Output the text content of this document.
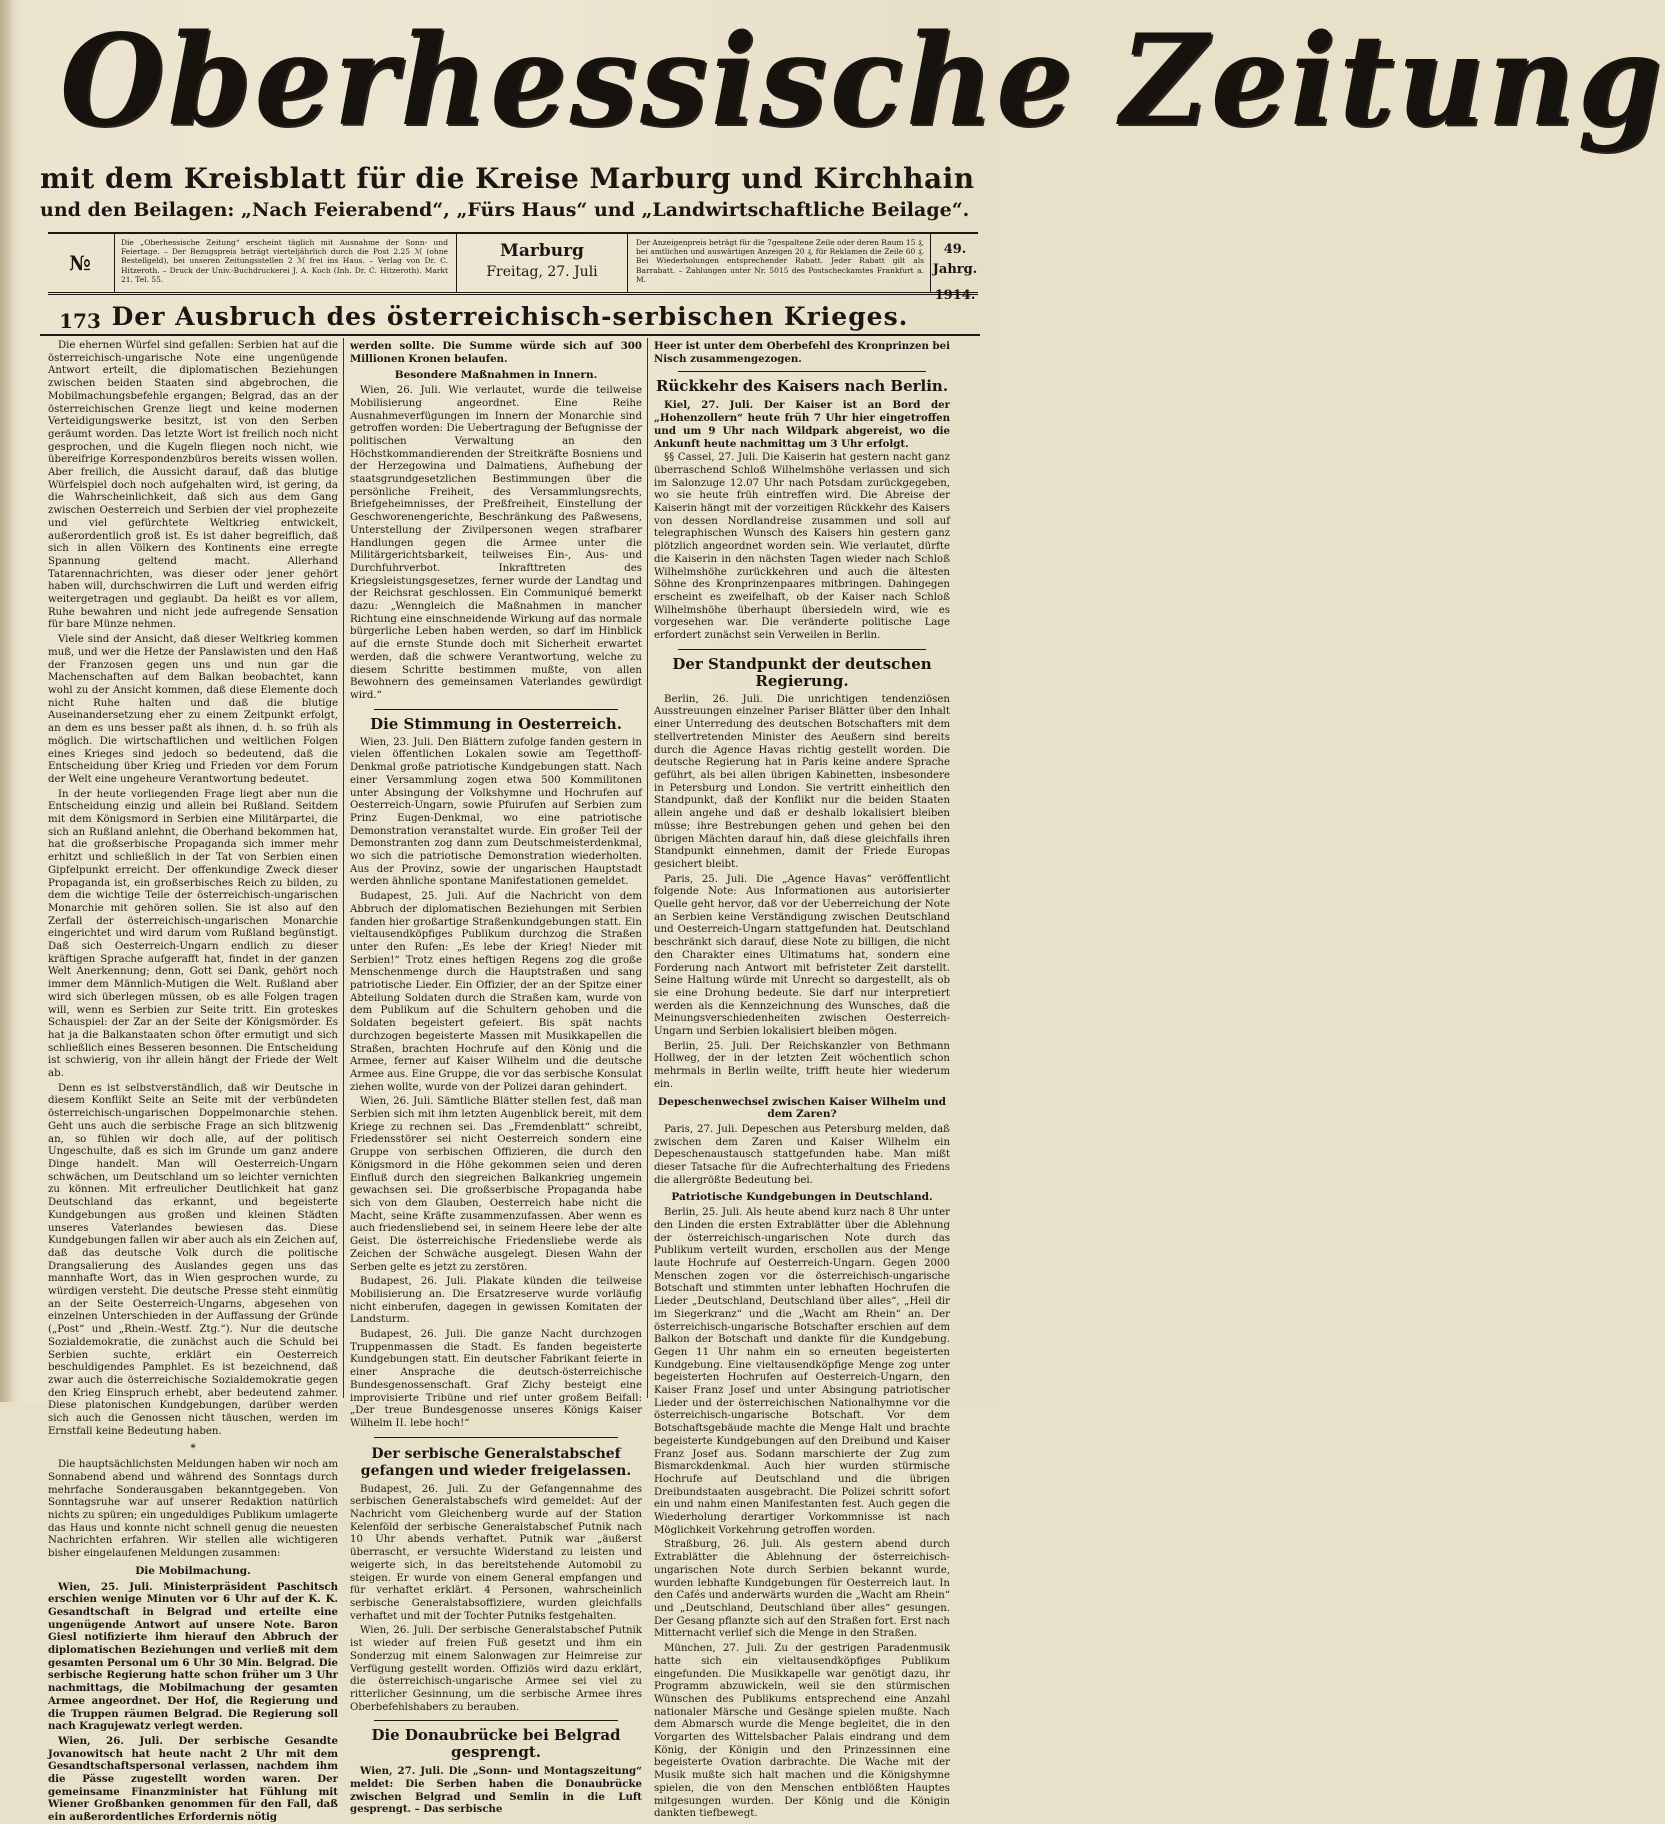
Oberhessische Zeitung
mit dem Kreisblatt für die Kreise Marburg und Kirchhain
und den Beilagen: „Nach Feierabend“, „Fürs Haus“ und „Landwirtschaftliche Beilage“.
№ 173
Die „Oberhessische Zeitung“ erscheint täglich mit Ausnahme der Sonn- und Feiertage. – Der Bezugspreis beträgt vierteljährlich durch die Post 2.25 ℳ (ohne Bestellgeld), bei unseren Zeitungsstellen 2 ℳ frei ins Haus. – Verlag von Dr. C. Hitzeroth. – Druck der Univ.-Buchdruckerei J. A. Koch (Inh. Dr. C. Hitzeroth). Markt 21. Tel. 55.
Marburg
Freitag, 27. Juli
Der Anzeigenpreis beträgt für die 7gespaltene Zeile oder deren Raum 15 ₰, bei amtlichen und auswärtigen Anzeigen 20 ₰, für Reklamen die Zeile 60 ₰. Bei Wiederholungen entsprechender Rabatt. Jeder Rabatt gilt als Barrabatt. – Zahlungen unter Nr. 5015 des Postscheckamtes Frankfurt a. M.
49. Jahrg.
1914.
Der Ausbruch des österreichisch-serbischen Krieges.

Die ehernen Würfel sind gefallen: Serbien hat auf die österreichisch-ungarische Note eine ungenügende Antwort erteilt, die diplomatischen Beziehungen zwischen beiden Staaten sind abgebrochen, die Mobilmachungsbefehle ergangen; Belgrad, das an der österreichischen Grenze liegt und keine modernen Verteidigungswerke besitzt, ist von den Serben geräumt worden. Das letzte Wort ist freilich noch nicht gesprochen, und die Kugeln fliegen noch nicht, wie übereifrige Korrespondenzbüros bereits wissen wollen. Aber freilich, die Aussicht darauf, daß das blutige Würfelspiel doch noch aufgehalten wird, ist gering, da die Wahrscheinlichkeit, daß sich aus dem Gang zwischen Oesterreich und Serbien der viel prophezeite und viel gefürchtete Weltkrieg entwickelt, außerordentlich groß ist. Es ist daher begreiflich, daß sich in allen Völkern des Kontinents eine erregte Spannung geltend macht. Allerhand Tatarennachrichten, was dieser oder jener gehört haben will, durchschwirren die Luft und werden eifrig weitergetragen und geglaubt. Da heißt es vor allem, Ruhe bewahren und nicht jede aufregende Sensation für bare Münze nehmen.

Viele sind der Ansicht, daß dieser Weltkrieg kommen muß, und wer die Hetze der Panslawisten und den Haß der Franzosen gegen uns und nun gar die Machenschaften auf dem Balkan beobachtet, kann wohl zu der Ansicht kommen, daß diese Elemente doch nicht Ruhe halten und daß die blutige Auseinandersetzung eher zu einem Zeitpunkt erfolgt, an dem es uns besser paßt als ihnen, d. h. so früh als möglich. Die wirtschaftlichen und weltlichen Folgen eines Krieges sind jedoch so bedeutend, daß die Entscheidung über Krieg und Frieden vor dem Forum der Welt eine ungeheure Verantwortung bedeutet.

In der heute vorliegenden Frage liegt aber nun die Entscheidung einzig und allein bei Rußland. Seitdem mit dem Königsmord in Serbien eine Militärpartei, die sich an Rußland anlehnt, die Oberhand bekommen hat, hat die großserbische Propaganda sich immer mehr erhitzt und schließlich in der Tat von Serbien einen Gipfelpunkt erreicht. Der offenkundige Zweck dieser Propaganda ist, ein großserbisches Reich zu bilden, zu dem die wichtige Teile der österreichisch-ungarischen Monarchie mit gehören sollen. Sie ist also auf den Zerfall der österreichisch-ungarischen Monarchie eingerichtet und wird darum vom Rußland begünstigt. Daß sich Oesterreich-Ungarn endlich zu dieser kräftigen Sprache aufgerafft hat, findet in der ganzen Welt Anerkennung; denn, Gott sei Dank, gehört noch immer dem Männlich-Mutigen die Welt. Rußland aber wird sich überlegen müssen, ob es alle Folgen tragen will, wenn es Serbien zur Seite tritt. Ein groteskes Schauspiel: der Zar an der Seite der Königsmörder. Es hat ja die Balkanstaaten schon öfter ermutigt und sich schließlich eines Besseren besonnen. Die Entscheidung ist schwierig, von ihr allein hängt der Friede der Welt ab.

Denn es ist selbstverständlich, daß wir Deutsche in diesem Konflikt Seite an Seite mit der verbündeten österreichisch-ungarischen Doppelmonarchie stehen. Geht uns auch die serbische Frage an sich blitzwenig an, so fühlen wir doch alle, auf der politisch Ungeschulte, daß es sich im Grunde um ganz andere Dinge handelt. Man will Oesterreich-Ungarn schwächen, um Deutschland um so leichter vernichten zu können. Mit erfreulicher Deutlichkeit hat ganz Deutschland das erkannt, und begeisterte Kundgebungen aus großen und kleinen Städten unseres Vaterlandes bewiesen das. Diese Kundgebungen fallen wir aber auch als ein Zeichen auf, daß das deutsche Volk durch die politische Drangsalierung des Auslandes gegen uns das mannhafte Wort, das in Wien gesprochen wurde, zu würdigen versteht. Die deutsche Presse steht einmütig an der Seite Oesterreich-Ungarns, abgesehen von einzelnen Unterschieden in der Auffassung der Gründe („Post“ und „Rhein.-Westf. Ztg.“). Nur die deutsche Sozialdemokratie, die zunächst auch die Schuld bei Serbien suchte, erklärt ein Oesterreich beschuldigendes Pamphlet. Es ist bezeichnend, daß zwar auch die österreichische Sozialdemokratie gegen den Krieg Einspruch erhebt, aber bedeutend zahmer. Diese platonischen Kundgebungen, darüber werden sich auch die Genossen nicht täuschen, werden im Ernstfall keine Bedeutung haben.

*

Die hauptsächlichsten Meldungen haben wir noch am Sonnabend abend und während des Sonntags durch mehrfache Sonderausgaben bekanntgegeben. Von Sonntagsruhe war auf unserer Redaktion natürlich nichts zu spüren; ein ungeduldiges Publikum umlagerte das Haus und konnte nicht schnell genug die neuesten Nachrichten erfahren. Wir stellen alle wichtigeren bisher eingelaufenen Meldungen zusammen:

Die Mobilmachung.

Wien, 25. Juli. Ministerpräsident Paschitsch erschien wenige Minuten vor 6 Uhr auf der K. K. Gesandtschaft in Belgrad und erteilte eine ungenügende Antwort auf unsere Note. Baron Giesl notifizierte ihm hierauf den Abbruch der diplomatischen Beziehungen und verließ mit dem gesamten Personal um 6 Uhr 30 Min. Belgrad. Die serbische Regierung hatte schon früher um 3 Uhr nachmittags, die Mobilmachung der gesamten Armee angeordnet. Der Hof, die Regierung und die Truppen räumen Belgrad. Die Regierung soll nach Kragujewatz verlegt werden.

Wien, 26. Juli. Der serbische Gesandte Jovanowitsch hat heute nacht 2 Uhr mit dem Gesandtschaftspersonal verlassen, nachdem ihm die Pässe zugestellt worden waren. Der gemeinsame Finanzminister hat Fühlung mit Wiener Großbanken genommen für den Fall, daß ein außerordentliches Erfordernis nötig

werden sollte. Die Summe würde sich auf 300 Millionen Kronen belaufen.

Besondere Maßnahmen in Innern.

Wien, 26. Juli. Wie verlautet, wurde die teilweise Mobilisierung angeordnet. Eine Reihe Ausnahmeverfügungen im Innern der Monarchie sind getroffen worden: Die Uebertragung der Befugnisse der politischen Verwaltung an den Höchstkommandierenden der Streitkräfte Bosniens und der Herzegowina und Dalmatiens, Aufhebung der staatsgrundgesetzlichen Bestimmungen über die persönliche Freiheit, des Versammlungsrechts, Briefgeheimnisses, der Preßfreiheit, Einstellung der Geschworenengerichte, Beschränkung des Paßwesens, Unterstellung der Zivilpersonen wegen strafbarer Handlungen gegen die Armee unter die Militärgerichtsbarkeit, teilweises Ein-, Aus- und Durchfuhrverbot. Inkrafttreten des Kriegsleistungsgesetzes, ferner wurde der Landtag und der Reichsrat geschlossen. Ein Communiqué bemerkt dazu: „Wenngleich die Maßnahmen in mancher Richtung eine einschneidende Wirkung auf das normale bürgerliche Leben haben werden, so darf im Hinblick auf die ernste Stunde doch mit Sicherheit erwartet werden, daß die schwere Verantwortung, welche zu diesem Schritte bestimmen mußte, von allen Bewohnern des gemeinsamen Vaterlandes gewürdigt wird.“

Die Stimmung in Oesterreich.

Wien, 23. Juli. Den Blättern zufolge fanden gestern in vielen öffentlichen Lokalen sowie am Tegetthoff-Denkmal große patriotische Kundgebungen statt. Nach einer Versammlung zogen etwa 500 Kommilitonen unter Absingung der Volkshymne und Hochrufen auf Oesterreich-Ungarn, sowie Pfuirufen auf Serbien zum Prinz Eugen-Denkmal, wo eine patriotische Demonstration veranstaltet wurde. Ein großer Teil der Demonstranten zog dann zum Deutschmeisterdenkmal, wo sich die patriotische Demonstration wiederholten. Aus der Provinz, sowie der ungarischen Hauptstadt werden ähnliche spontane Manifestationen gemeldet.

Budapest, 25. Juli. Auf die Nachricht von dem Abbruch der diplomatischen Beziehungen mit Serbien fanden hier großartige Straßenkundgebungen statt. Ein vieltausendköpfiges Publikum durchzog die Straßen unter den Rufen: „Es lebe der Krieg! Nieder mit Serbien!“ Trotz eines heftigen Regens zog die große Menschenmenge durch die Hauptstraßen und sang patriotische Lieder. Ein Offizier, der an der Spitze einer Abteilung Soldaten durch die Straßen kam, wurde von dem Publikum auf die Schultern gehoben und die Soldaten begeistert gefeiert. Bis spät nachts durchzogen begeisterte Massen mit Musikkapellen die Straßen, brachten Hochrufe auf den König und die Armee, ferner auf Kaiser Wilhelm und die deutsche Armee aus. Eine Gruppe, die vor das serbische Konsulat ziehen wollte, wurde von der Polizei daran gehindert.

Wien, 26. Juli. Sämtliche Blätter stellen fest, daß man Serbien sich mit ihm letzten Augenblick bereit, mit dem Kriege zu rechnen sei. Das „Fremdenblatt“ schreibt, Friedensstörer sei nicht Oesterreich sondern eine Gruppe von serbischen Offizieren, die durch den Königsmord in die Höhe gekommen seien und deren Einfluß durch den siegreichen Balkankrieg ungemein gewachsen sei. Die großserbische Propaganda habe sich von dem Glauben, Oesterreich habe nicht die Macht, seine Kräfte zusammenzufassen. Aber wenn es auch friedensliebend sei, in seinem Heere lebe der alte Geist. Die österreichische Friedensliebe werde als Zeichen der Schwäche ausgelegt. Diesen Wahn der Serben gelte es jetzt zu zerstören.

Budapest, 26. Juli. Plakate künden die teilweise Mobilisierung an. Die Ersatzreserve wurde vorläufig nicht einberufen, dagegen in gewissen Komitaten der Landsturm.

Budapest, 26. Juli. Die ganze Nacht durchzogen Truppenmassen die Stadt. Es fanden begeisterte Kundgebungen statt. Ein deutscher Fabrikant feierte in einer Ansprache die deutsch-österreichische Bundesgenossenschaft. Graf Zichy besteigt eine improvisierte Tribüne und rief unter großem Beifall: „Der treue Bundesgenosse unseres Königs Kaiser Wilhelm II. lebe hoch!“

Der serbische Generalstabschef gefangen und wieder freigelassen.

Budapest, 26. Juli. Zu der Gefangennahme des serbischen Generalstabschefs wird gemeldet: Auf der Nachricht vom Gleichenberg wurde auf der Station Kelenföld der serbische Generalstabschef Putnik nach 10 Uhr abends verhaftet. Putnik war „äußerst überrascht, er versuchte Widerstand zu leisten und weigerte sich, in das bereitstehende Automobil zu steigen. Er wurde von einem General empfangen und für verhaftet erklärt. 4 Personen, wahrscheinlich serbische Generalstabsoffiziere, wurden gleichfalls verhaftet und mit der Tochter Putniks festgehalten.

Wien, 26. Juli. Der serbische Generalstabschef Putnik ist wieder auf freien Fuß gesetzt und ihm ein Sonderzug mit einem Salonwagen zur Heimreise zur Verfügung gestellt worden. Offiziös wird dazu erklärt, die österreichisch-ungarische Armee sei viel zu ritterlicher Gesinnung, um die serbische Armee ihres Oberbefehlshabers zu berauben.

Die Donaubrücke bei Belgrad gesprengt.

Wien, 27. Juli. Die „Sonn- und Montagszeitung“ meldet: Die Serben haben die Donaubrücke zwischen Belgrad und Semlin in die Luft gesprengt. – Das serbische

Heer ist unter dem Oberbefehl des Kronprinzen bei Nisch zusammengezogen.

Rückkehr des Kaisers nach Berlin.

Kiel, 27. Juli. Der Kaiser ist an Bord der „Hohenzollern“ heute früh 7 Uhr hier eingetroffen und um 9 Uhr nach Wildpark abgereist, wo die Ankunft heute nachmittag um 3 Uhr erfolgt.

§§ Cassel, 27. Juli. Die Kaiserin hat gestern nacht ganz überraschend Schloß Wilhelmshöhe verlassen und sich im Salonzuge 12.07 Uhr nach Potsdam zurückgegeben, wo sie heute früh eintreffen wird. Die Abreise der Kaiserin hängt mit der vorzeitigen Rückkehr des Kaisers von dessen Nordlandreise zusammen und soll auf telegraphischen Wunsch des Kaisers hin gestern ganz plötzlich angeordnet worden sein. Wie verlautet, dürfte die Kaiserin in den nächsten Tagen wieder nach Schloß Wilhelmshöhe zurückkehren und auch die ältesten Söhne des Kronprinzenpaares mitbringen. Dahingegen erscheint es zweifelhaft, ob der Kaiser nach Schloß Wilhelmshöhe überhaupt übersiedeln wird, wie es vorgesehen war. Die veränderte politische Lage erfordert zunächst sein Verweilen in Berlin.

Der Standpunkt der deutschen Regierung.

Berlin, 26. Juli. Die unrichtigen tendenziösen Ausstreuungen einzelner Pariser Blätter über den Inhalt einer Unterredung des deutschen Botschafters mit dem stellvertretenden Minister des Aeußern sind bereits durch die Agence Havas richtig gestellt worden. Die deutsche Regierung hat in Paris keine andere Sprache geführt, als bei allen übrigen Kabinetten, insbesondere in Petersburg und London. Sie vertritt einheitlich den Standpunkt, daß der Konflikt nur die beiden Staaten allein angehe und daß er deshalb lokalisiert bleiben müsse; ihre Bestrebungen gehen und gehen bei den übrigen Mächten darauf hin, daß diese gleichfalls ihren Standpunkt einnehmen, damit der Friede Europas gesichert bleibt.

Paris, 25. Juli. Die „Agence Havas“ veröffentlicht folgende Note: Aus Informationen aus autorisierter Quelle geht hervor, daß vor der Ueberreichung der Note an Serbien keine Verständigung zwischen Deutschland und Oesterreich-Ungarn stattgefunden hat. Deutschland beschränkt sich darauf, diese Note zu billigen, die nicht den Charakter eines Ultimatums hat, sondern eine Forderung nach Antwort mit befristeter Zeit darstellt. Seine Haltung würde mit Unrecht so dargestellt, als ob sie eine Drohung bedeute. Sie darf nur interpretiert werden als die Kennzeichnung des Wunsches, daß die Meinungsverschiedenheiten zwischen Oesterreich-Ungarn und Serbien lokalisiert bleiben mögen.

Berlin, 25. Juli. Der Reichskanzler von Bethmann Hollweg, der in der letzten Zeit wöchentlich schon mehrmals in Berlin weilte, trifft heute hier wiederum ein.

Depeschenwechsel zwischen Kaiser Wilhelm und dem Zaren?

Paris, 27. Juli. Depeschen aus Petersburg melden, daß zwischen dem Zaren und Kaiser Wilhelm ein Depeschenaustausch stattgefunden habe. Man mißt dieser Tatsache für die Aufrechterhaltung des Friedens die allergrößte Bedeutung bei.

Patriotische Kundgebungen in Deutschland.

Berlin, 25. Juli. Als heute abend kurz nach 8 Uhr unter den Linden die ersten Extrablätter über die Ablehnung der österreichisch-ungarischen Note durch das Publikum verteilt wurden, erschollen aus der Menge laute Hochrufe auf Oesterreich-Ungarn. Gegen 2000 Menschen zogen vor die österreichisch-ungarische Botschaft und stimmten unter lebhaften Hochrufen die Lieder „Deutschland, Deutschland über alles“, „Heil dir im Siegerkranz“ und die „Wacht am Rhein“ an. Der österreichisch-ungarische Botschafter erschien auf dem Balkon der Botschaft und dankte für die Kundgebung. Gegen 11 Uhr nahm ein so erneuten begeisterten Kundgebung. Eine vieltausendköpfige Menge zog unter begeisterten Hochrufen auf Oesterreich-Ungarn, den Kaiser Franz Josef und unter Absingung patriotischer Lieder und der österreichischen Nationalhymne vor die österreichisch-ungarische Botschaft. Vor dem Botschaftsgebäude machte die Menge Halt und brachte begeisterte Kundgebungen auf den Dreibund und Kaiser Franz Josef aus. Sodann marschierte der Zug zum Bismarckdenkmal. Auch hier wurden stürmische Hochrufe auf Deutschland und die übrigen Dreibundstaaten ausgebracht. Die Polizei schritt sofort ein und nahm einen Manifestanten fest. Auch gegen die Wiederholung derartiger Vorkommnisse ist nach Möglichkeit Vorkehrung getroffen worden.

Straßburg, 26. Juli. Als gestern abend durch Extrablätter die Ablehnung der österreichisch-ungarischen Note durch Serbien bekannt wurde, wurden lebhafte Kundgebungen für Oesterreich laut. In den Cafés und anderwärts wurden die „Wacht am Rhein“ und „Deutschland, Deutschland über alles“ gesungen. Der Gesang pflanzte sich auf den Straßen fort. Erst nach Mitternacht verlief sich die Menge in den Straßen.

München, 27. Juli. Zu der gestrigen Paradenmusik hatte sich ein vieltausendköpfiges Publikum eingefunden. Die Musikkapelle war genötigt dazu, ihr Programm abzuwickeln, weil sie den stürmischen Wünschen des Publikums entsprechend eine Anzahl nationaler Märsche und Gesänge spielen mußte. Nach dem Abmarsch wurde die Menge begleitet, die in den Vorgarten des Wittelsbacher Palais eindrang und dem König, der Königin und den Prinzessinnen eine begeisterte Ovation darbrachte. Die Wache mit der Musik mußte sich halt machen und die Königshymne spielen, die von den Menschen entblößten Hauptes mitgesungen wurden. Der König und die Königin dankten tiefbewegt.
